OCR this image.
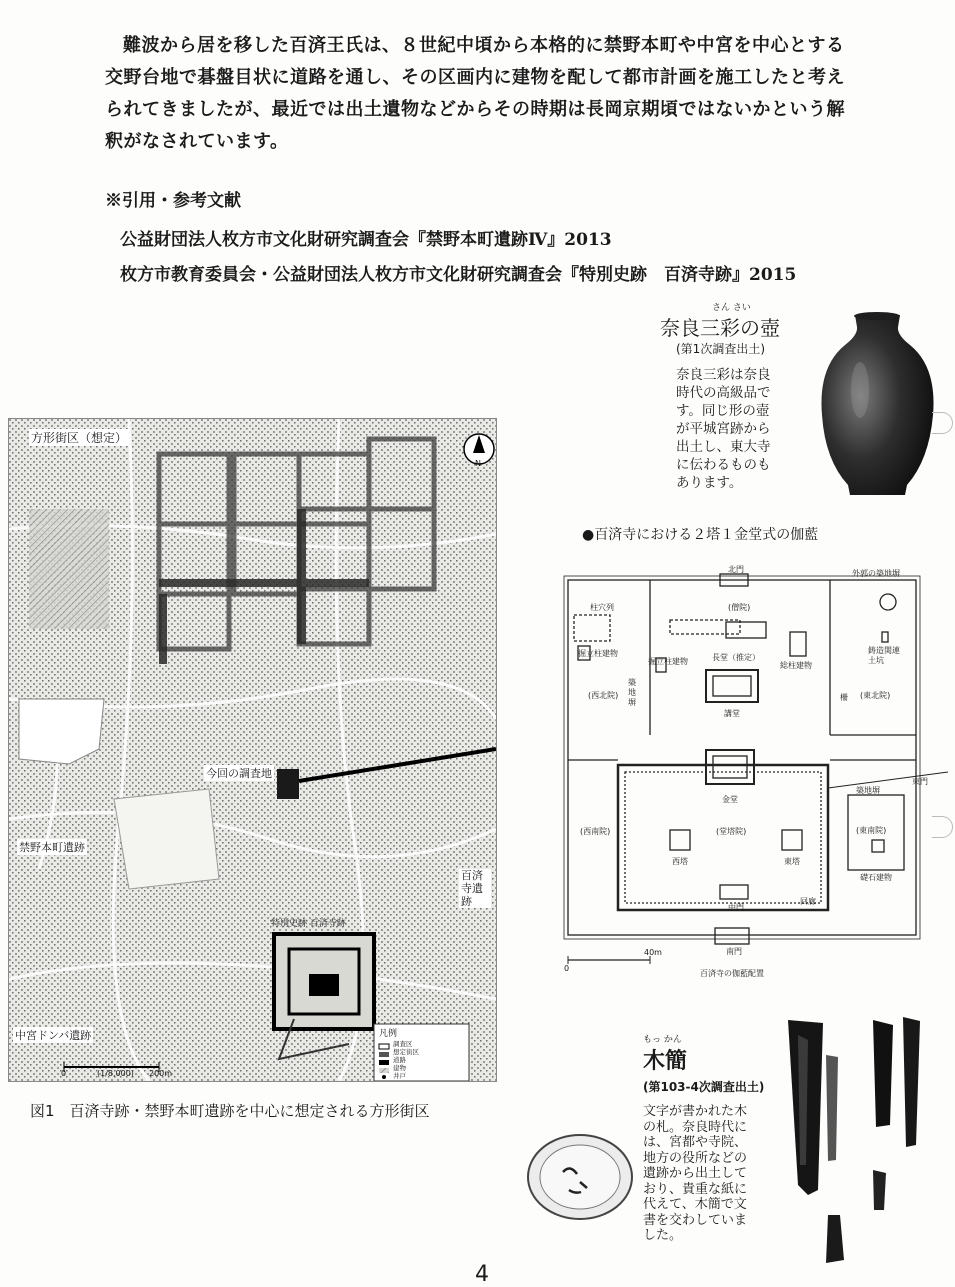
難波から居を移した百済王氏は、８世紀中頃から本格的に禁野本町や中宮を中心とする
交野台地で碁盤目状に道路を通し、その区画内に建物を配して都市計画を施工したと考え
られてきましたが、最近では出土遺物などからその時期は長岡京期頃ではないかという解
釈がなされています。
※引用・参考文献
公益財団法人枚方市文化財研究調査会『禁野本町遺跡Ⅳ』2013
枚方市教育委員会・公益財団法人枚方市文化財研究調査会『特別史跡　百済寺跡』2015
さん さい
奈良三彩の壺
(第1次調査出土)
奈良三彩は奈良
時代の高級品で
す。同じ形の壺
が平城宮跡から
出土し、東大寺
に伝わるものも
あります。
方形街区（想定）
今回の調査地
禁野本町遺跡
百済寺遺跡
中宮ドンバ遺跡
特別史跡 百済寺跡
凡例
調査区
想定街区
道路
建物
井戸
N
0	(1/8,000) 200m
図1　百済寺跡・禁野本町遺跡を中心に想定される方形街区
●百済寺における２塔１金堂式の伽藍
北門	外郭の築地塀
柱穴列	(僧院)
掘立柱建物
掘立柱建物	長堂（推定）
総柱建物
(西北院)
講堂
(東北院)
鋳造関連土坑
築地塀
柵
金堂
(堂塔院)
(西南院)	(東南院)
西塔	東塔
東門
築地塀
礎石建物
中門
回廊
南門
0
40m
百済寺の伽藍配置
もっ かん
木簡
(第103-4次調査出土)
文字が書かれた木
の札。奈良時代に
は、宮都や寺院、
地方の役所などの
遺跡から出土して
おり、貴重な紙に
代えて、木簡で文
書を交わしていま
した。
4
